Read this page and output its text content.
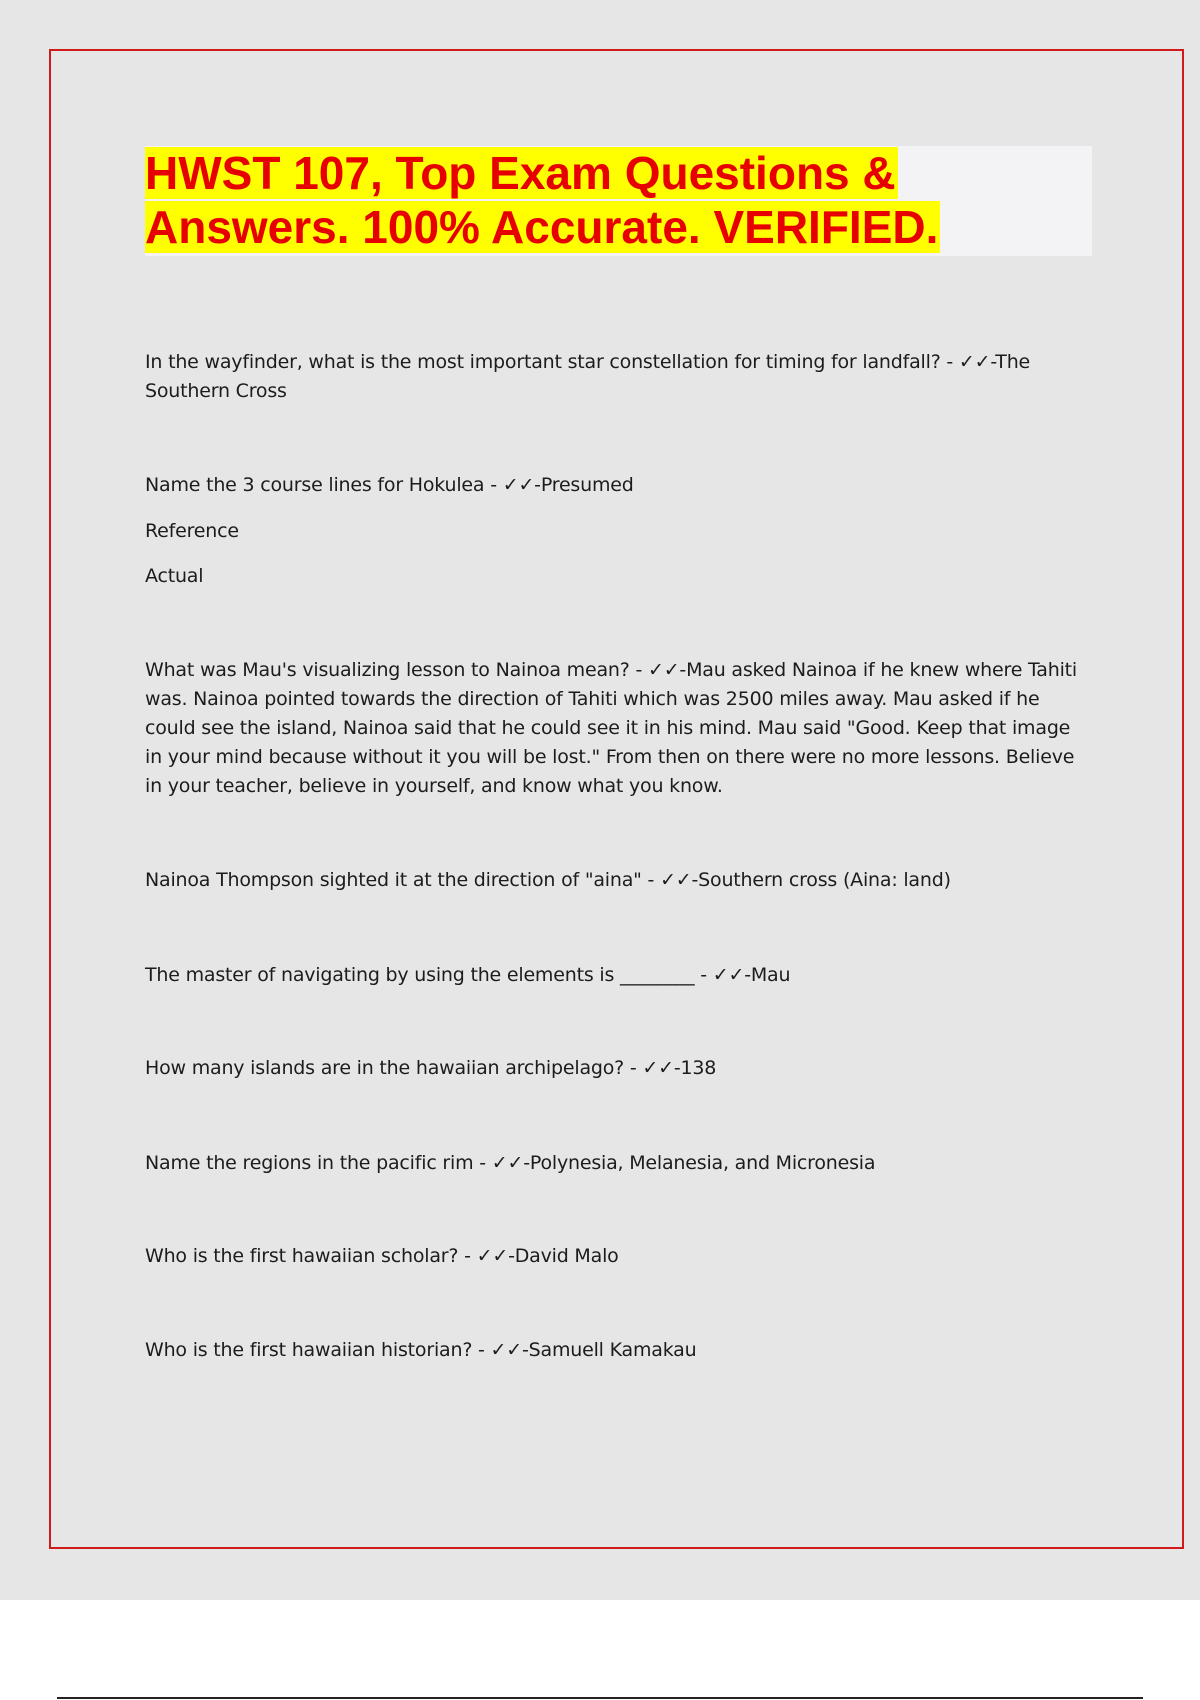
HWST 107, Top Exam Questions &
Answers. 100% Accurate. VERIFIED.

In the wayfinder, what is the most important star constellation for timing for landfall? - ✓✓-The Southern Cross

Name the 3 course lines for Hokulea - ✓✓-Presumed

Reference

Actual

What was Mau's visualizing lesson to Nainoa mean? - ✓✓-Mau asked Nainoa if he knew where Tahiti was. Nainoa pointed towards the direction of Tahiti which was 2500 miles away. Mau asked if he could see the island, Nainoa said that he could see it in his mind. Mau said "Good. Keep that image in your mind because without it you will be lost." From then on there were no more lessons. Believe in your teacher, believe in yourself, and know what you know.

Nainoa Thompson sighted it at the direction of "aina" - ✓✓-Southern cross (Aina: land)

The master of navigating by using the elements is ________ - ✓✓-Mau

How many islands are in the hawaiian archipelago? - ✓✓-138

Name the regions in the pacific rim - ✓✓-Polynesia, Melanesia, and Micronesia

Who is the first hawaiian scholar? - ✓✓-David Malo

Who is the first hawaiian historian? - ✓✓-Samuell Kamakau
